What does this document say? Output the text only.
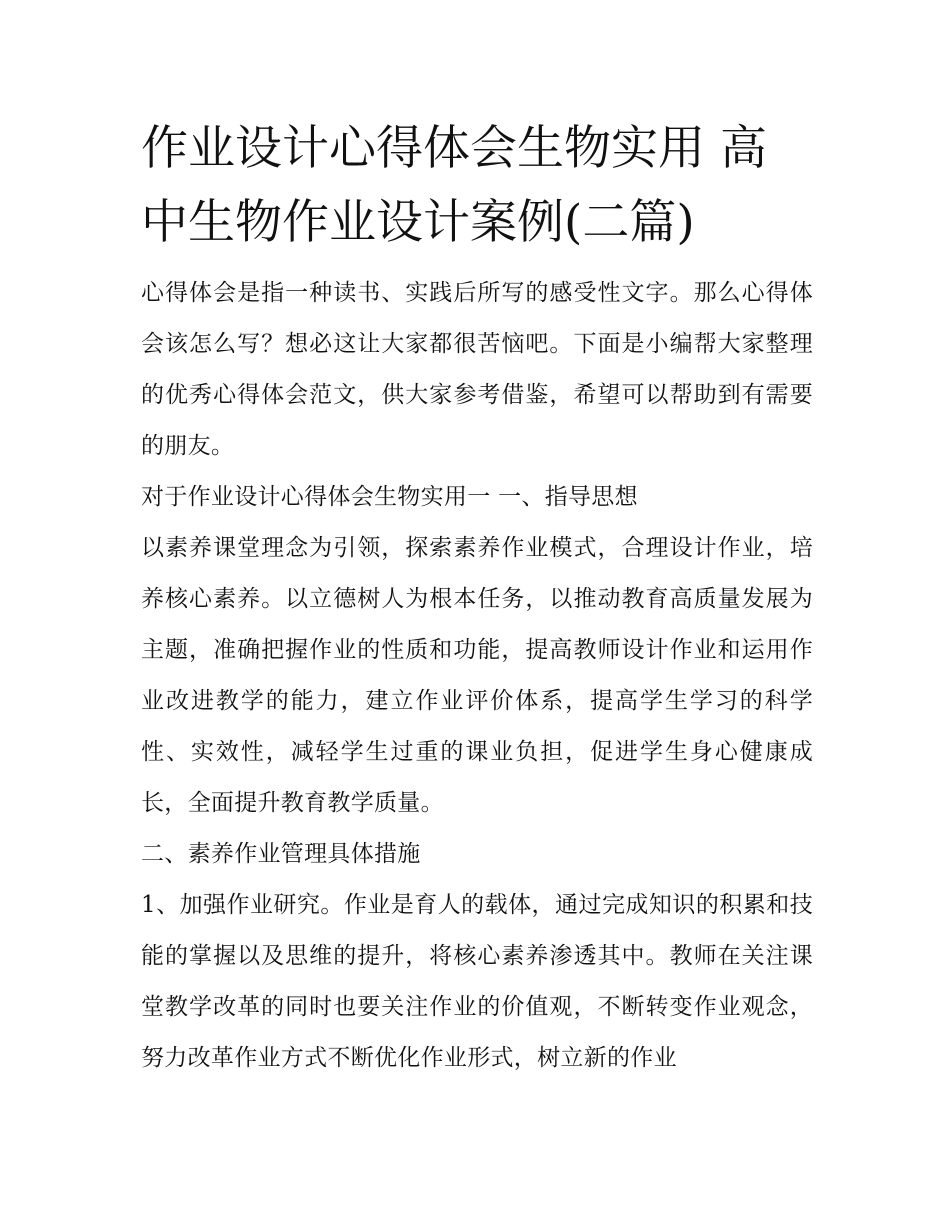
作业设计心得体会生物实用 高中生物作业设计案例(二篇)

心得体会是指一种读书、实践后所写的感受性文字。那么心得体会该怎么写？想必这让大家都很苦恼吧。下面是小编帮大家整理的优秀心得体会范文，供大家参考借鉴，希望可以帮助到有需要的朋友。

对于作业设计心得体会生物实用一 一、指导思想

以素养课堂理念为引领，探索素养作业模式，合理设计作业，培养核心素养。以立德树人为根本任务，以推动教育高质量发展为主题，准确把握作业的性质和功能，提高教师设计作业和运用作业改进教学的能力，建立作业评价体系，提高学生学习的科学性、实效性，减轻学生过重的课业负担，促进学生身心健康成长，全面提升教育教学质量。

二、素养作业管理具体措施

1、加强作业研究。作业是育人的载体，通过完成知识的积累和技能的掌握以及思维的提升，将核心素养渗透其中。教师在关注课堂教学改革的同时也要关注作业的价值观，不断转变作业观念，努力改革作业方式不断优化作业形式，树立新的作业
